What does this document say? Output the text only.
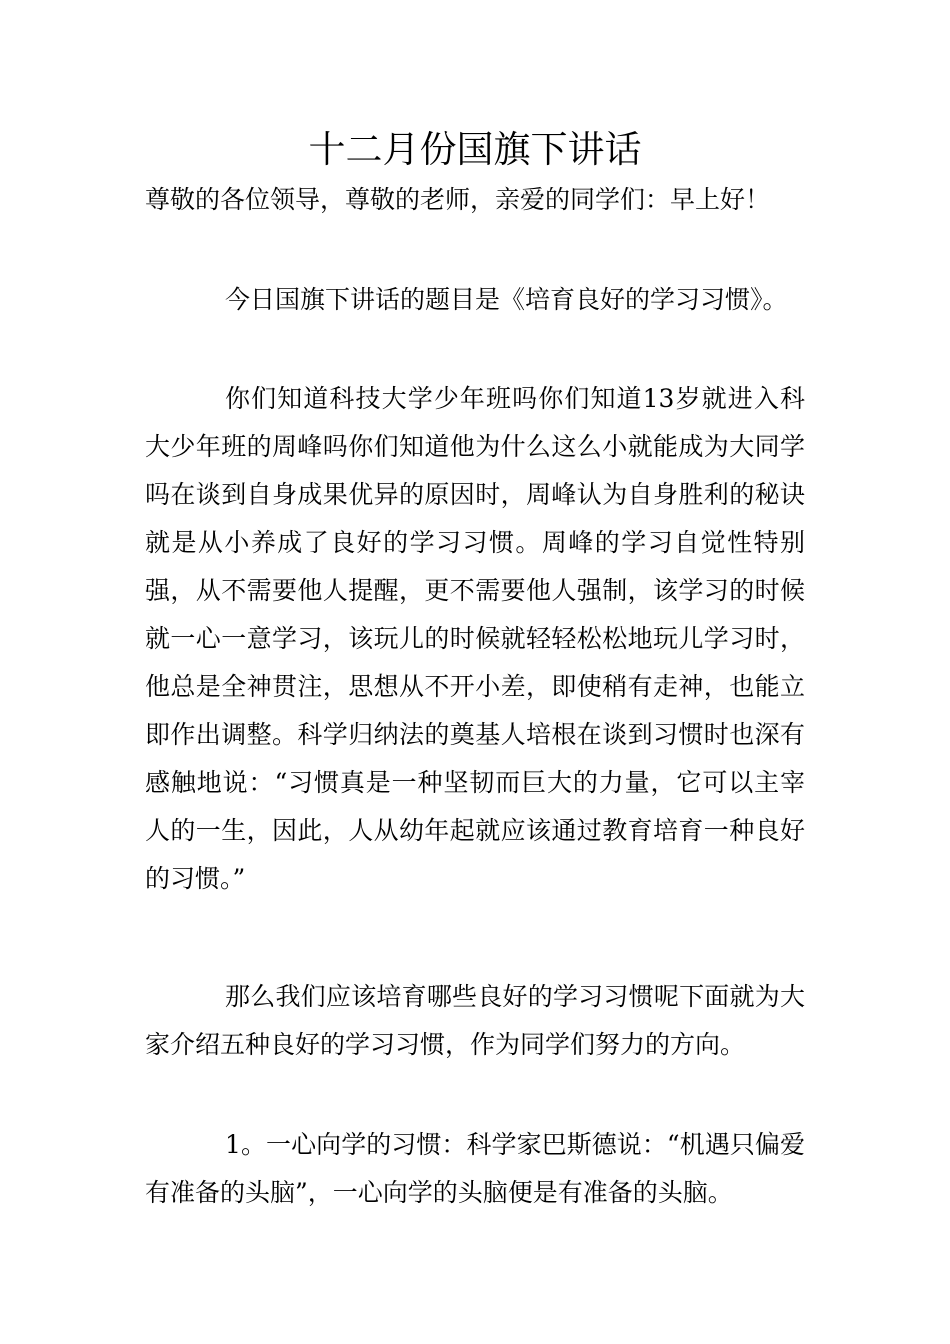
十二月份国旗下讲话
尊敬的各位领导，尊敬的老师，亲爱的同学们：早上好！

今日国旗下讲话的题目是《培育良好的学习习惯》。

你们知道科技大学少年班吗你们知道13岁就进入科大少年班的周峰吗你们知道他为什么这么小就能成为大同学吗在谈到自身成果优异的原因时，周峰认为自身胜利的秘诀就是从小养成了良好的学习习惯。周峰的学习自觉性特别强，从不需要他人提醒，更不需要他人强制，该学习的时候就一心一意学习，该玩儿的时候就轻轻松松地玩儿学习时，他总是全神贯注，思想从不开小差，即使稍有走神，也能立即作出调整。科学归纳法的奠基人培根在谈到习惯时也深有感触地说：“习惯真是一种坚韧而巨大的力量，它可以主宰人的一生，因此，人从幼年起就应该通过教育培育一种良好的习惯。”

那么我们应该培育哪些良好的学习习惯呢下面就为大家介绍五种良好的学习习惯，作为同学们努力的方向。

1。一心向学的习惯：科学家巴斯德说：“机遇只偏爱有准备的头脑”，一心向学的头脑便是有准备的头脑。
